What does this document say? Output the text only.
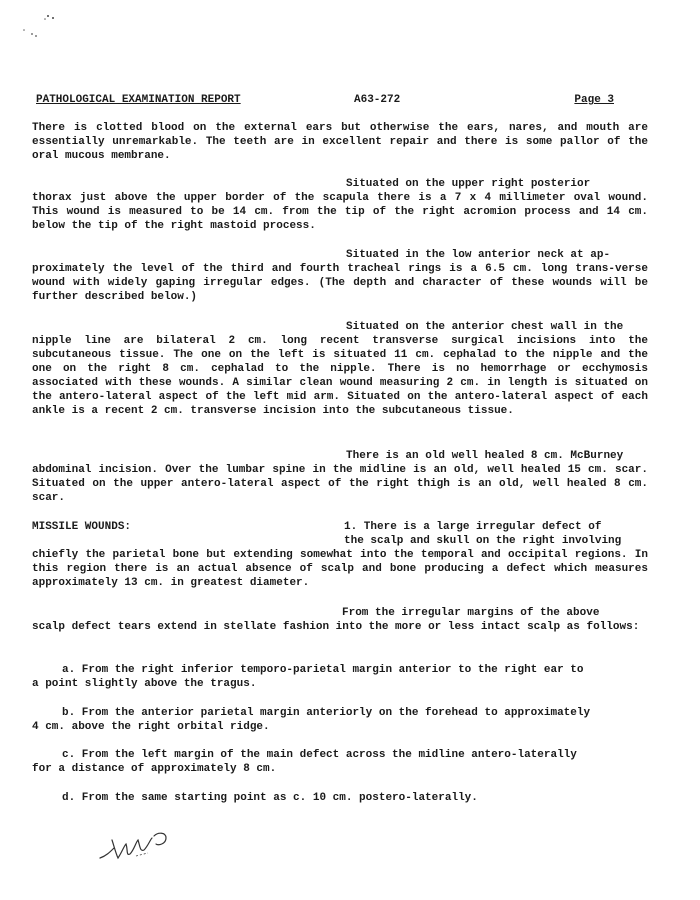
PATHOLOGICAL EXAMINATION REPORT	A63-272	Page 3

There is clotted blood on the external ears but otherwise the ears, nares, and mouth are essentially unremarkable. The teeth are in excellent repair and there is some pallor of the oral mucous membrane.

Situated on the upper right posterior

thorax just above the upper border of the scapula there is a 7 x 4 millimeter oval wound. This wound is measured to be 14 cm. from the tip of the right acromion process and 14 cm. below the tip of the right mastoid process.

Situated in the low anterior neck at ap-

proximately the level of the third and fourth tracheal rings is a 6.5 cm. long trans-verse wound with widely gaping irregular edges. (The depth and character of these wounds will be further described below.)

Situated on the anterior chest wall in the

nipple line are bilateral 2 cm. long recent transverse surgical incisions into the subcutaneous tissue. The one on the left is situated 11 cm. cephalad to the nipple and the one on the right 8 cm. cephalad to the nipple. There is no hemorrhage or ecchymosis associated with these wounds. A similar clean wound measuring 2 cm. in length is situated on the antero-lateral aspect of the left mid arm. Situated on the antero-lateral aspect of each ankle is a recent 2 cm. transverse incision into the subcutaneous tissue.

There is an old well healed 8 cm. McBurney

abdominal incision. Over the lumbar spine in the midline is an old, well healed 15 cm. scar. Situated on the upper antero-lateral aspect of the right thigh is an old, well healed 8 cm. scar.

MISSILE WOUNDS:	1. There is a large irregular defect of

the scalp and skull on the right involving

chiefly the parietal bone but extending somewhat into the temporal and occipital regions. In this region there is an actual absence of scalp and bone producing a defect which measures approximately 13 cm. in greatest diameter.

From the irregular margins of the above

scalp defect tears extend in stellate fashion into the more or less intact scalp as follows:

a. From the right inferior temporo-parietal margin anterior to the right ear to

a point slightly above the tragus.

b. From the anterior parietal margin anteriorly on the forehead to approximately

4 cm. above the right orbital ridge.

c. From the left margin of the main defect across the midline antero-laterally

for a distance of approximately 8 cm.

d. From the same starting point as c. 10 cm. postero-laterally.
